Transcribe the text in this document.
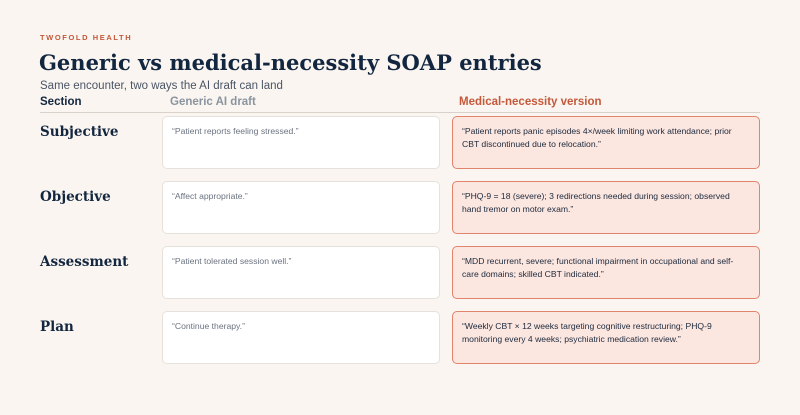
TWOFOLD HEALTH
Generic vs medical-necessity SOAP entries
Same encounter, two ways the AI draft can land
Section	Generic AI draft	Medical-necessity version
Subjective	“Patient reports feeling stressed.”	“Patient reports panic episodes 4×/week limiting work attendance; prior CBT discontinued due to relocation.”
Objective	“Affect appropriate.”	“PHQ-9 = 18 (severe); 3 redirections needed during session; observed hand tremor on motor exam.”
Assessment	“Patient tolerated session well.”	“MDD recurrent, severe; functional impairment in occupational and self-care domains; skilled CBT indicated.”
Plan	“Continue therapy.”	“Weekly CBT × 12 weeks targeting cognitive restructuring; PHQ-9 monitoring every 4 weeks; psychiatric medication review.”
